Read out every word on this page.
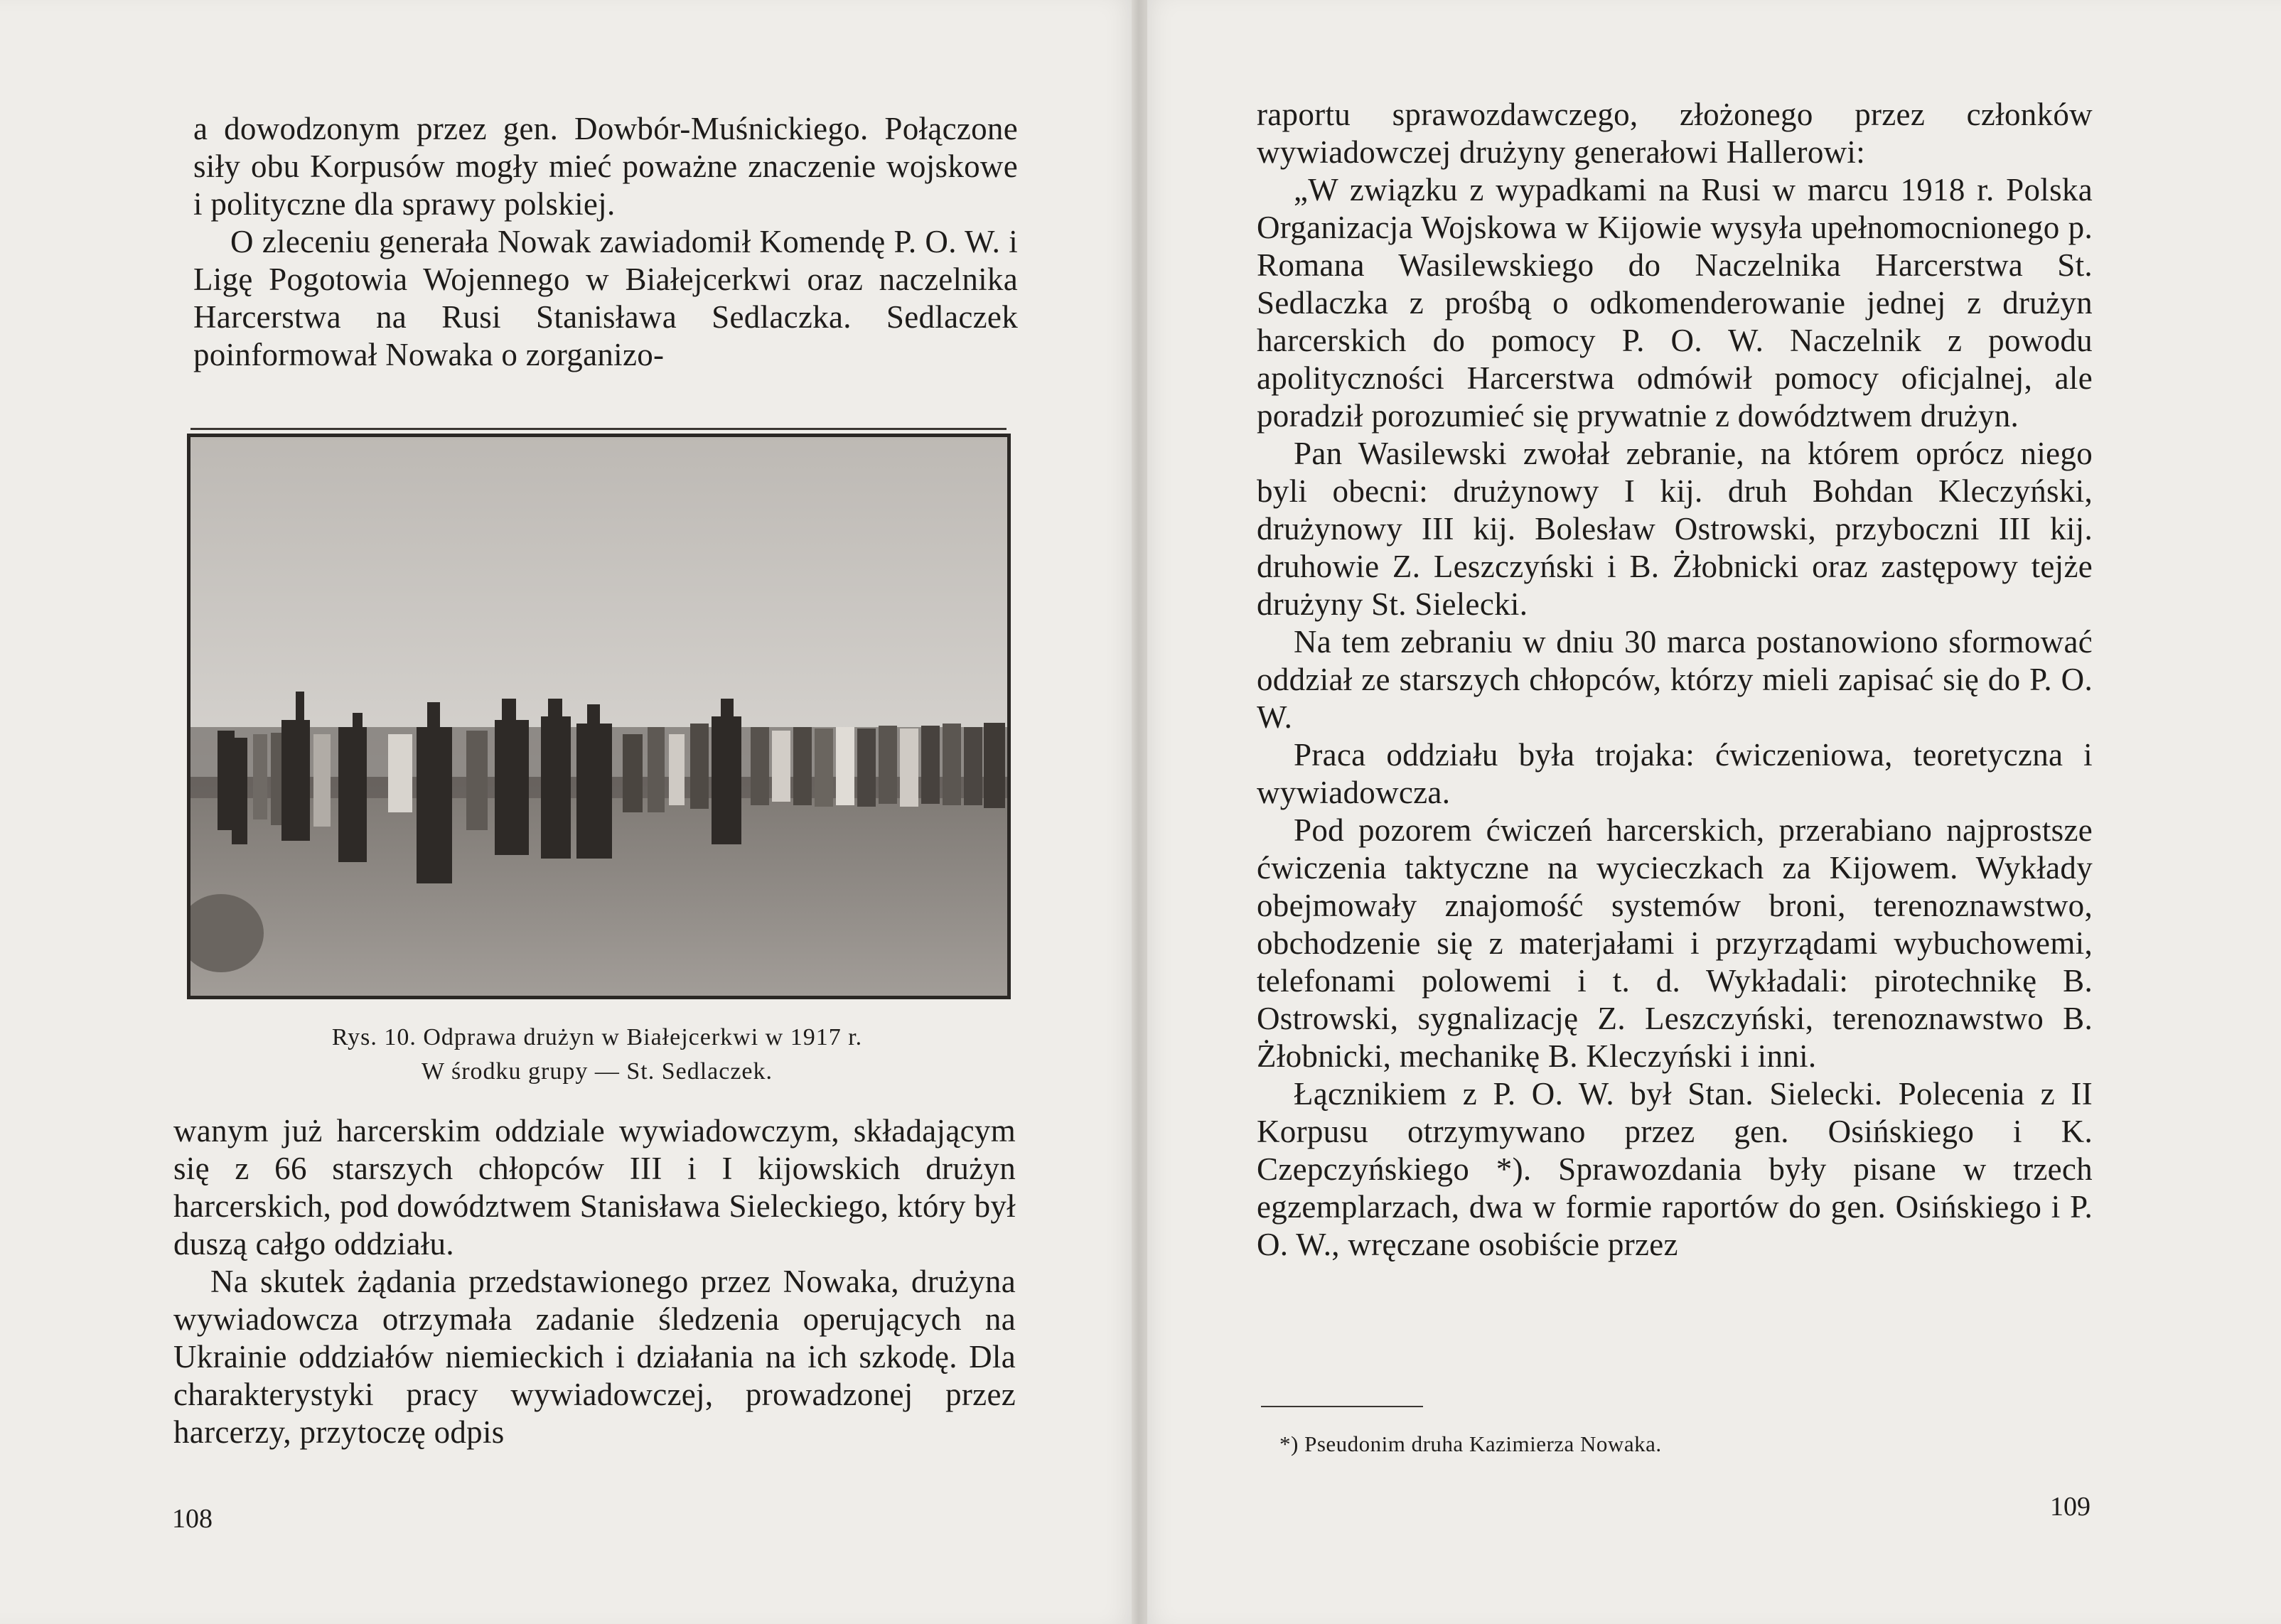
a dowodzonym przez gen. Dowbór-Muśnickiego. Połączone siły obu Korpusów mogły mieć poważne znaczenie wojskowe i polityczne dla sprawy polskiej.

O zleceniu generała Nowak zawiadomił Komendę P. O. W. i Ligę Pogotowia Wojennego w Białejcerkwi oraz naczelnika Harcerstwa na Rusi Stanisława Sedlaczka. Sedlaczek poinformował Nowaka o zorganizo-

Rys. 10. Odprawa drużyn w Białejcerkwi w 1917 r.
W środku grupy — St. Sedlaczek.

wanym już harcerskim oddziale wywiadowczym, składającym się z 66 starszych chłopców III i I kijowskich drużyn harcerskich, pod dowództwem Stanisława Sieleckiego, który był duszą całgo oddziału.

Na skutek żądania przedstawionego przez Nowaka, drużyna wywiadowcza otrzymała zadanie śledzenia operujących na Ukrainie oddziałów niemieckich i działania na ich szkodę. Dla charakterystyki pracy wywiadowczej, prowadzonej przez harcerzy, przytoczę odpis

108

raportu sprawozdawczego, złożonego przez członków wywiadowczej drużyny generałowi Hallerowi:

„W związku z wypadkami na Rusi w marcu 1918 r. Polska Organizacja Wojskowa w Kijowie wysyła upełnomocnionego p. Romana Wasilewskiego do Naczelnika Harcerstwa St. Sedlaczka z prośbą o odkomenderowanie jednej z drużyn harcerskich do pomocy P. O. W. Naczelnik z powodu apolityczności Harcerstwa odmówił pomocy oficjalnej, ale poradził porozumieć się prywatnie z dowództwem drużyn.

Pan Wasilewski zwołał zebranie, na którem oprócz niego byli obecni: drużynowy I kij. druh Bohdan Kleczyński, drużynowy III kij. Bolesław Ostrowski, przyboczni III kij. druhowie Z. Leszczyński i B. Żłobnicki oraz zastępowy tejże drużyny St. Sielecki.

Na tem zebraniu w dniu 30 marca postanowiono sformować oddział ze starszych chłopców, którzy mieli zapisać się do P. O. W.

Praca oddziału była trojaka: ćwiczeniowa, teoretyczna i wywiadowcza.

Pod pozorem ćwiczeń harcerskich, przerabiano najprostsze ćwiczenia taktyczne na wycieczkach za Kijowem. Wykłady obejmowały znajomość systemów broni, terenoznawstwo, obchodzenie się z materjałami i przyrządami wybuchowemi, telefonami polowemi i t. d. Wykładali: pirotechnikę B. Ostrowski, sygnalizację Z. Leszczyński, terenoznawstwo B. Żłobnicki, mechanikę B. Kleczyński i inni.

Łącznikiem z P. O. W. był Stan. Sielecki. Polecenia z II Korpusu otrzymywano przez gen. Osińskiego i K. Czepczyńskiego *). Sprawozdania były pisane w trzech egzemplarzach, dwa w formie raportów do gen. Osińskiego i P. O. W., wręczane osobiście przez

*) Pseudonim druha Kazimierza Nowaka.
109
